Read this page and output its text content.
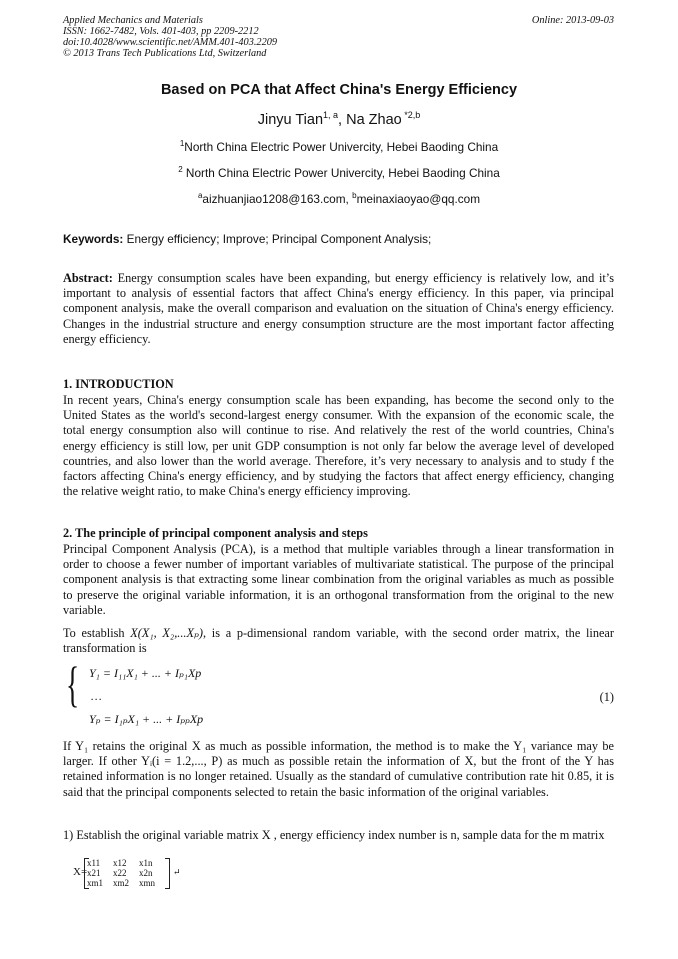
Applied Mechanics and Materials
ISSN: 1662-7482, Vols. 401-403, pp 2209-2212
doi:10.4028/www.scientific.net/AMM.401-403.2209
© 2013 Trans Tech Publications Ltd, Switzerland
Online: 2013-09-03
Based on PCA that Affect China's Energy Efficiency
Jinyu Tian$^{1, a}$, Na Zhao $^{*2,b}$
$^1$North China Electric Power Univercity, Hebei Baoding China
$^2$ North China Electric Power Univercity, Hebei Baoding China
$^a$aizhuanjiao1208@163.com, $^b$meinaxiaoyao@qq.com
Keywords: Energy efficiency; Improve; Principal Component Analysis;
Abstract: Energy consumption scales have been expanding, but energy efficiency is relatively low, and it’s important to analysis of essential factors that affect China's energy efficiency. In this paper, via principal component analysis, make the overall comparison and evaluation on the situation of China's energy efficiency. Changes in the industrial structure and energy consumption structure are the most important factor affecting energy efficiency.
1. INTRODUCTION
In recent years, China's energy consumption scale has been expanding, has become the second only to the United States as the world's second-largest energy consumer. With the expansion of the economic scale, the total energy consumption also will continue to rise. And relatively the rest of the world countries, China's energy efficiency is still low, per unit GDP consumption is not only far below the average level of developed countries, and also lower than the world average. Therefore, it’s very necessary to analysis and to study f the factors affecting China's energy efficiency, and by studying the factors that affect energy efficiency, changing the relative weight ratio, to make China's energy efficiency improving.
2. The principle of principal component analysis and steps
Principal Component Analysis (PCA), is a method that multiple variables through a linear transformation in order to choose a fewer number of important variables of multivariate statistical. The purpose of the principal component analysis is that extracting some linear combination from the original variables as much as possible to preserve the original variable information, it is an orthogonal transformation from the original to the new variable.
To establish X(X₁, X₂,...Xₚ), is a p-dimensional random variable, with the second order matrix, the linear transformation is
{ Y₁ = I₁₁X₁ + ... + Iₚ₁Xp
…	(1)
Yₚ = I₁ₚX₁ + ... + IₚₚXp
If Y₁ retains the original X as much as possible information, the method is to make the Y₁ variance may be larger. If other Yᵢ(i = 1.2,..., P) as much as possible retain the information of X, but the front of the Y has retained information is no longer retained. Usually as the standard of cumulative contribution rate hit 0.85, it is said that the principal components selected to retain the basic information of the original variables.
1) Establish the original variable matrix X , energy efficiency index number is n, sample data for the m matrix
X=
x11 x12 x1n
x21 x22 x2n
xm1 xm2 xmn
↵
